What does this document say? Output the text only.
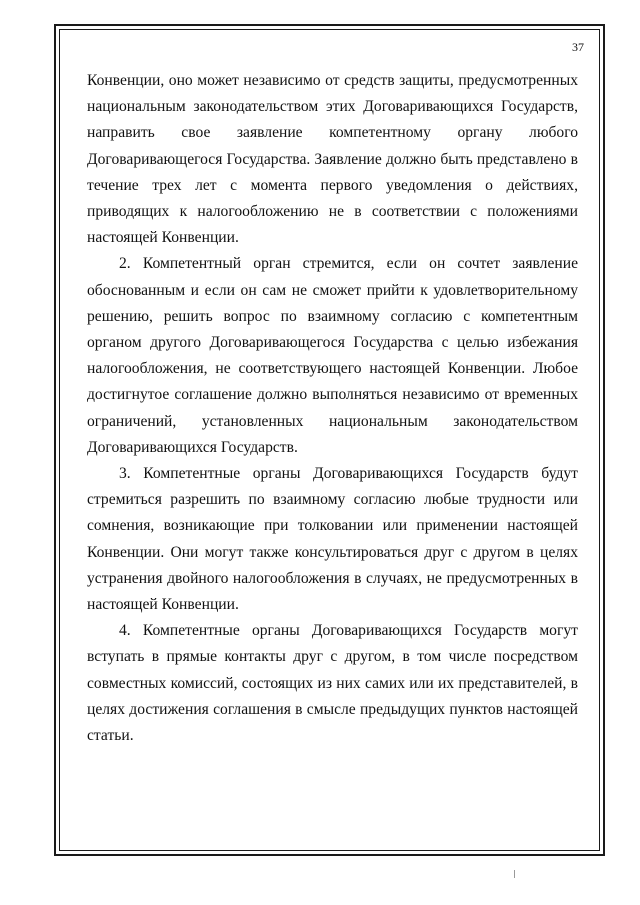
37

Конвенции, оно может независимо от средств защиты, предусмотренных национальным законодательством этих Договаривающихся Государств, направить свое заявление компетентному органу любого Договаривающегося Государства. Заявление должно быть представлено в течение трех лет с момента первого уведомления о действиях, приводящих к налогообложению не в соответствии с положениями настоящей Конвенции.

2. Компетентный орган стремится, если он сочтет заявление обоснованным и если он сам не сможет прийти к удовлетворительному решению, решить вопрос по взаимному согласию с компетентным органом другого Договаривающегося Государства с целью избежания налогообложения, не соответствующего настоящей Конвенции. Любое достигнутое соглашение должно выполняться независимо от временных ограничений, установленных национальным законодательством Договаривающихся Государств.

3. Компетентные органы Договаривающихся Государств будут стремиться разрешить по взаимному согласию любые трудности или сомнения, возникающие при толковании или применении настоящей Конвенции. Они могут также консультироваться друг с другом в целях устранения двойного налогообложения в случаях, не предусмотренных в настоящей Конвенции.

4. Компетентные органы Договаривающихся Государств могут вступать в прямые контакты друг с другом, в том числе посредством совместных комиссий, состоящих из них самих или их представителей, в целях достижения соглашения в смысле предыдущих пунктов настоящей статьи.
